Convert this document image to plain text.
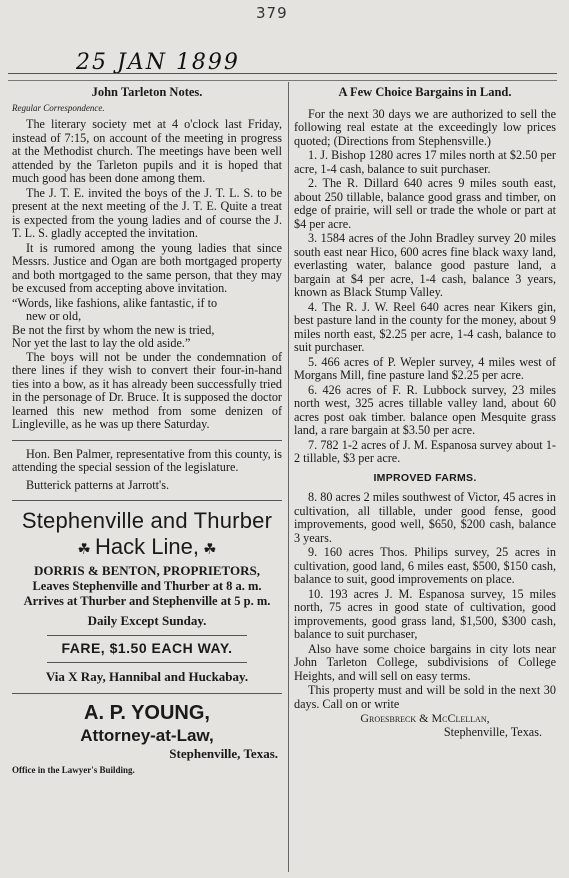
379
25 JAN 1899
John Tarleton Notes.
Regular Correspondence.
The literary society met at 4 o'clock last Friday, instead of 7:15, on account of the meeting in progress at the Methodist church. The meetings have been well attended by the Tarleton pupils and it is hoped that much good has been done among them.
The J. T. E. invited the boys of the J. T. L. S. to be present at the next meeting of the J. T. E. Quite a treat is expected from the young ladies and of course the J. T. L. S. gladly accepted the invitation.
It is rumored among the young ladies that since Messrs. Justice and Ogan are both mortgaged property and both mortgaged to the same person, that they may be excused from accepting above invitation.
“Words, like fashions, alike fantastic, if to
new or old,
Be not the first by whom the new is tried,
Nor yet the last to lay the old aside.”
The boys will not be under the condemnation of there lines if they wish to convert their four-in-hand ties into a bow, as it has already been successfully tried in the personage of Dr. Bruce. It is supposed the doctor learned this new method from some denizen of Lingleville, as he was up there Saturday.
Hon. Ben Palmer, representative from this county, is attending the special session of the legislature.
Butterick patterns at Jarrott's.
Stephenville and Thurber
☘ Hack Line, ☘
DORRIS & BENTON, PROPRIETORS,
Leaves Stephenville and Thurber at 8 a. m.
Arrives at Thurber and Stephenville at 5 p. m.
Daily Except Sunday.
FARE, $1.50 EACH WAY.
Via X Ray, Hannibal and Huckabay.
A. P. YOUNG,
Attorney-at-Law,
Stephenville, Texas.
Office in the Lawyer's Building.
A Few Choice Bargains in Land.
For the next 30 days we are authorized to sell the following real estate at the exceedingly low prices quoted; (Directions from Stephensville.)
1. J. Bishop 1280 acres 17 miles north at $2.50 per acre, 1-4 cash, balance to suit purchaser.
2. The R. Dillard 640 acres 9 miles south east, about 250 tillable, balance good grass and timber, on edge of prairie, will sell or trade the whole or part at $4 per acre.
3. 1584 acres of the John Bradley survey 20 miles south east near Hico, 600 acres fine black waxy land, everlasting water, balance good pasture land, a bargain at $4 per acre, 1-4 cash, balance 3 years, known as Black Stump Valley.
4. The R. J. W. Reel 640 acres near Kikers gin, best pasture land in the county for the money, about 9 miles north east, $2.25 per acre, 1-4 cash, balance to suit purchaser.
5. 466 acres of P. Wepler survey, 4 miles west of Morgans Mill, fine pasture land $2.25 per acre.
6. 426 acres of F. R. Lubbock survey, 23 miles north west, 325 acres tillable valley land, about 60 acres post oak timber. balance open Mesquite grass land, a rare bargain at $3.50 per acre.
7. 782 1-2 acres of J. M. Espanosa survey about 1-2 tillable, $3 per acre.
IMPROVED FARMS.
8. 80 acres 2 miles southwest of Victor, 45 acres in cultivation, all tillable, under good fense, good improvements, good well, $650, $200 cash, balance 3 years.
9. 160 acres Thos. Philips survey, 25 acres in cultivation, good land, 6 miles east, $500, $150 cash, balance to suit, good improvements on place.
10. 193 acres J. M. Espanosa survey, 15 miles north, 75 acres in good state of cultivation, good improvements, good grass land, $1,500, $300 cash, balance to suit purchaser,
Also have some choice bargains in city lots near John Tarleton College, subdivisions of College Heights, and will sell on easy terms.
This property must and will be sold in the next 30 days. Call on or write
Groesbreck & McClellan,
Stephenville, Texas.
